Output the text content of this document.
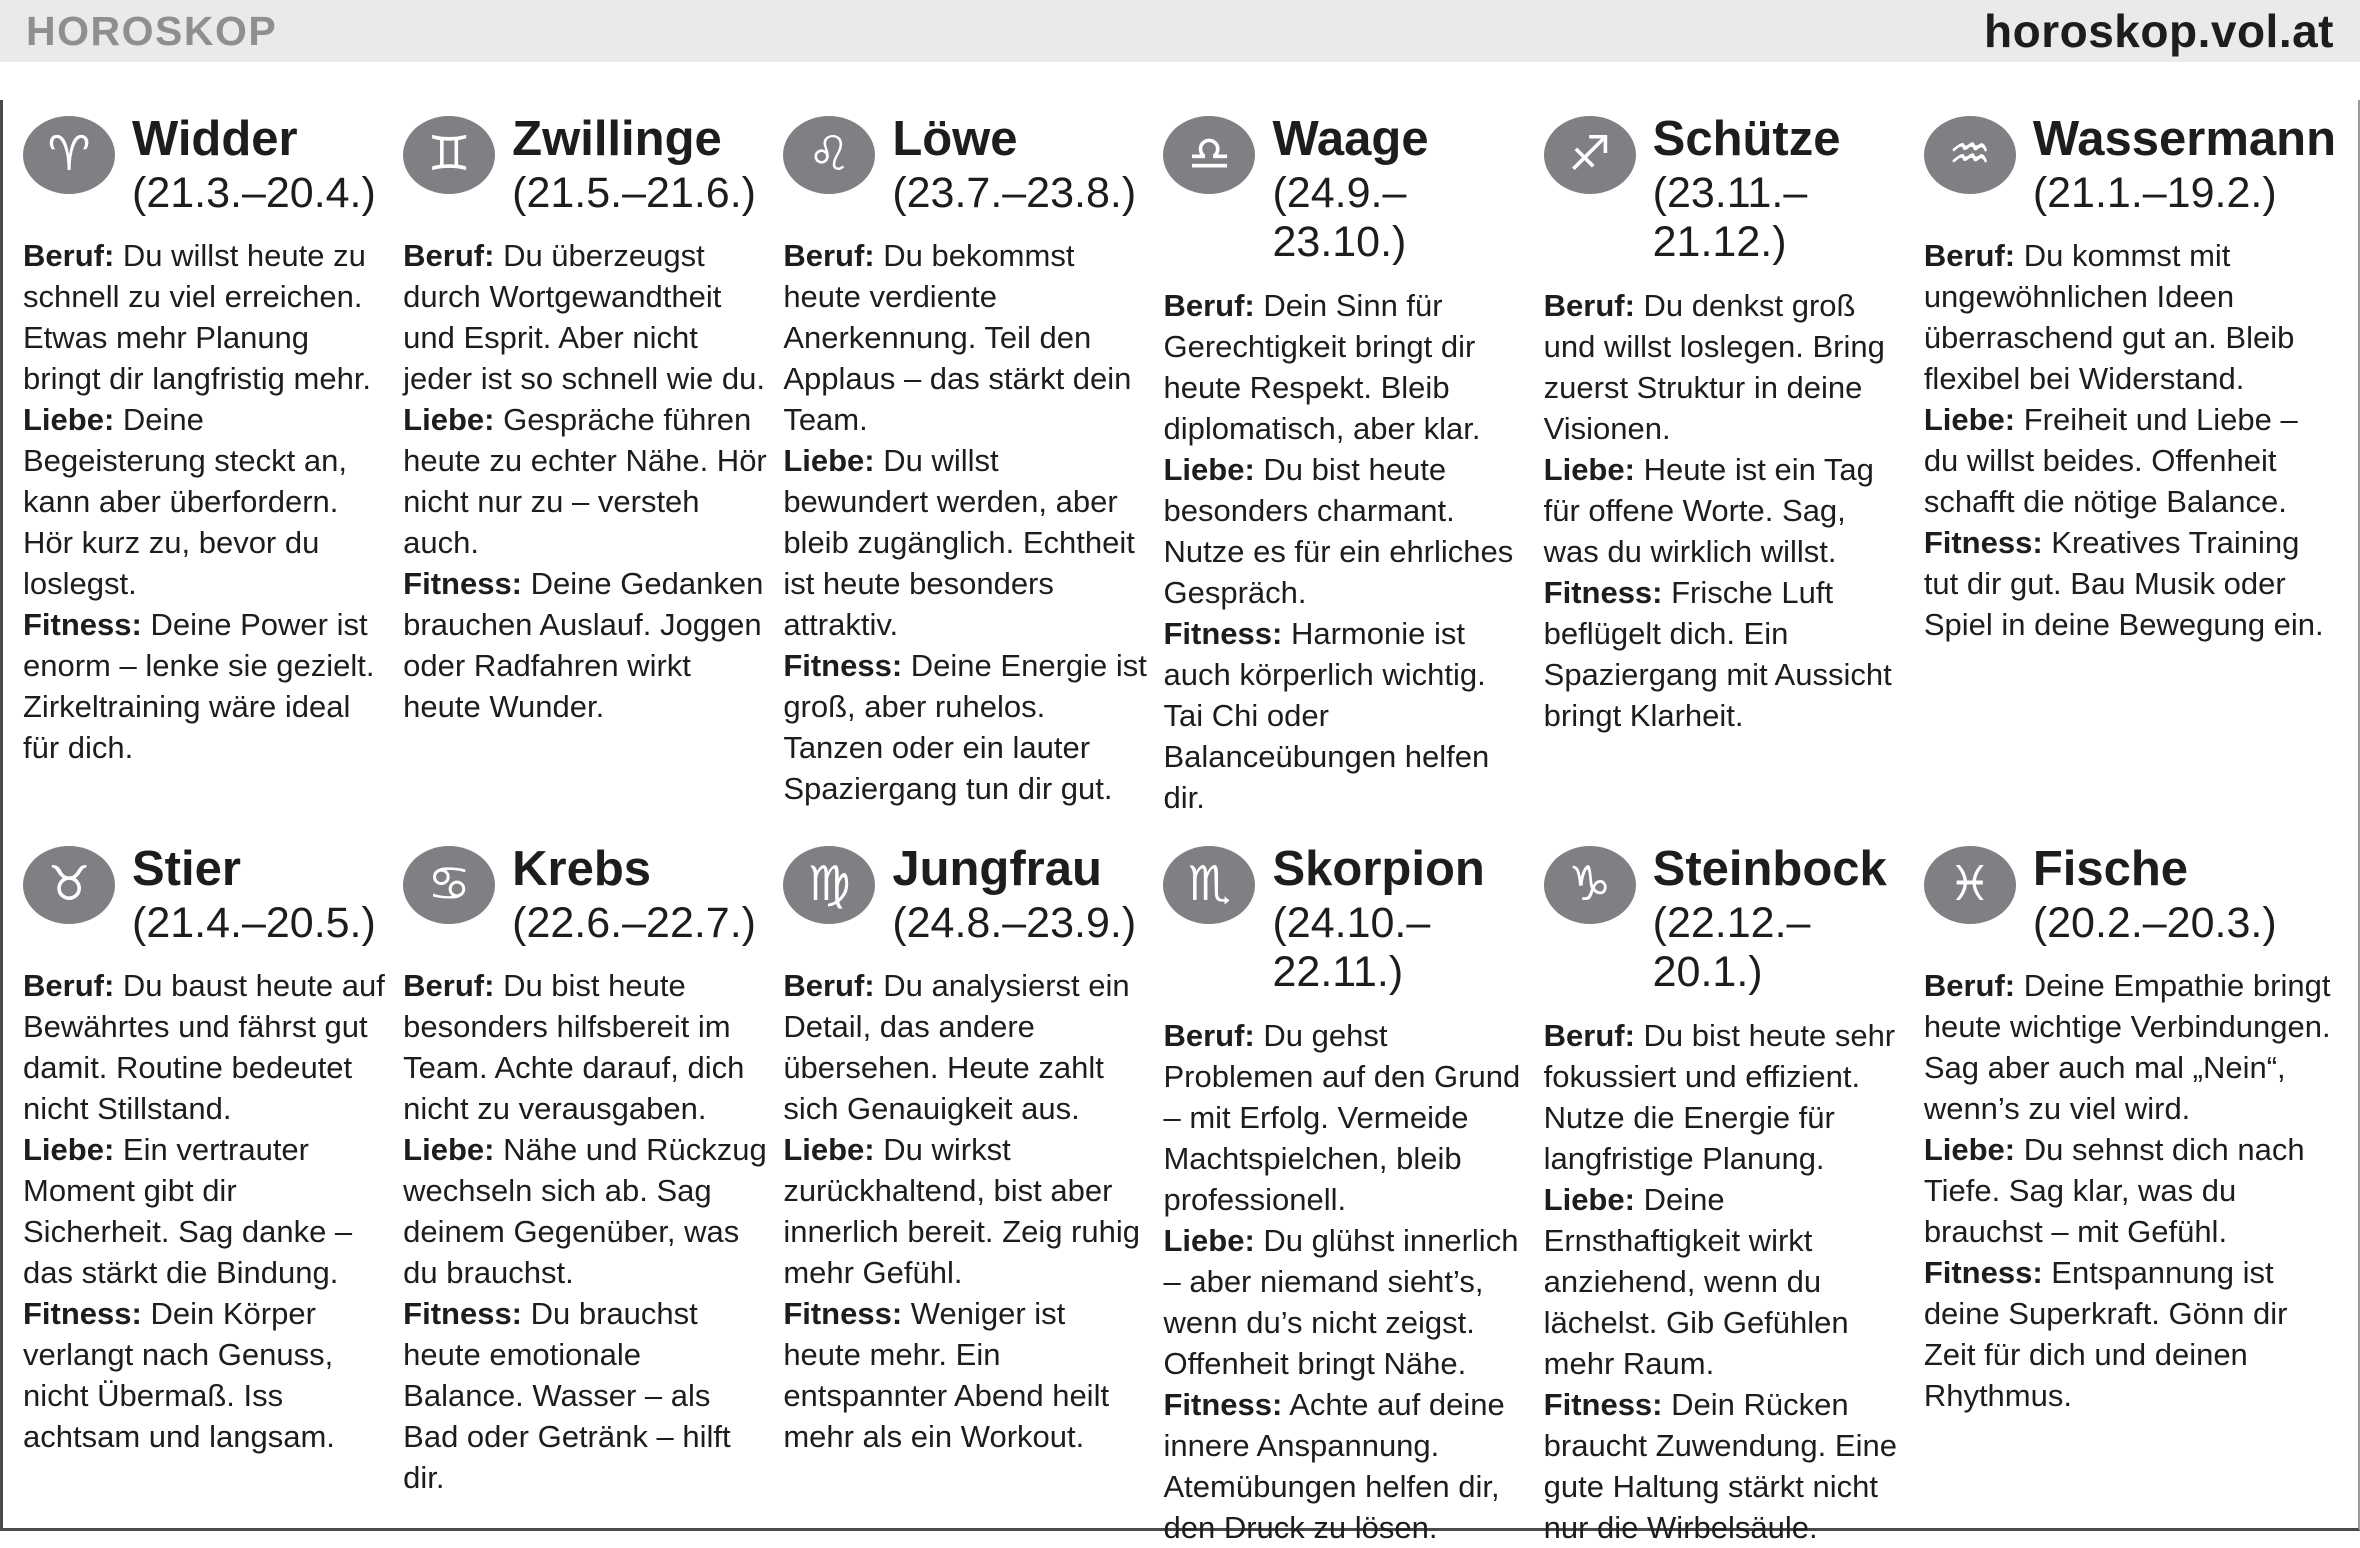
HOROSKOP	horoskop.vol.at
♈ Widder
(21.3.–20.4.)

Beruf: Du willst heute zu schnell zu viel erreichen. Etwas mehr Planung bringt dir langfristig mehr.

Liebe: Deine Begeisterung steckt an, kann aber überfordern. Hör kurz zu, bevor du loslegst.

Fitness: Deine Power ist enorm – lenke sie gezielt. Zirkeltraining wäre ideal für dich.

♊ Zwillinge
(21.5.–21.6.)

Beruf: Du überzeugst durch Wortgewandtheit und Esprit. Aber nicht jeder ist so schnell wie du.

Liebe: Gespräche führen heute zu echter Nähe. Hör nicht nur zu – versteh auch.

Fitness: Deine Gedanken brauchen Auslauf. Joggen oder Radfahren wirkt heute Wunder.

♌ Löwe
(23.7.–23.8.)

Beruf: Du bekommst heute verdiente Anerkennung. Teil den Applaus – das stärkt dein Team.

Liebe: Du willst bewundert werden, aber bleib zugänglich. Echtheit ist heute besonders attraktiv.

Fitness: Deine Energie ist groß, aber ruhelos. Tanzen oder ein lauter Spaziergang tun dir gut.

♎ Waage
(24.9.–23.10.)

Beruf: Dein Sinn für Gerechtigkeit bringt dir heute Respekt. Bleib diplomatisch, aber klar.

Liebe: Du bist heute besonders charmant. Nutze es für ein ehrliches Gespräch.

Fitness: Harmonie ist auch körperlich wichtig. Tai Chi oder Balanceübungen helfen dir.

♐ Schütze
(23.11.–21.12.)

Beruf: Du denkst groß und willst loslegen. Bring zuerst Struktur in deine Visionen.

Liebe: Heute ist ein Tag für offene Worte. Sag, was du wirklich willst.

Fitness: Frische Luft beflügelt dich. Ein Spaziergang mit Aussicht bringt Klarheit.

♒ Wassermann
(21.1.–19.2.)

Beruf: Du kommst mit ungewöhnlichen Ideen überraschend gut an. Bleib flexibel bei Widerstand.

Liebe: Freiheit und Liebe – du willst beides. Offenheit schafft die nötige Balance.

Fitness: Kreatives Training tut dir gut. Bau Musik oder Spiel in deine Bewegung ein.

♉ Stier
(21.4.–20.5.)

Beruf: Du baust heute auf Bewährtes und fährst gut damit. Routine bedeutet nicht Stillstand.

Liebe: Ein vertrauter Moment gibt dir Sicherheit. Sag danke – das stärkt die Bindung.

Fitness: Dein Körper verlangt nach Genuss, nicht Übermaß. Iss achtsam und langsam.

♋ Krebs
(22.6.–22.7.)

Beruf: Du bist heute besonders hilfsbereit im Team. Achte darauf, dich nicht zu verausgaben.

Liebe: Nähe und Rückzug wechseln sich ab. Sag deinem Gegenüber, was du brauchst.

Fitness: Du brauchst heute emotionale Balance. Wasser – als Bad oder Getränk – hilft dir.

♍ Jungfrau
(24.8.–23.9.)

Beruf: Du analysierst ein Detail, das andere übersehen. Heute zahlt sich Genauigkeit aus.

Liebe: Du wirkst zurückhaltend, bist aber innerlich bereit. Zeig ruhig mehr Gefühl.

Fitness: Weniger ist heute mehr. Ein entspannter Abend heilt mehr als ein Workout.

♏ Skorpion
(24.10.–22.11.)

Beruf: Du gehst Problemen auf den Grund – mit Erfolg. Vermeide Machtspielchen, bleib professionell.

Liebe: Du glühst innerlich – aber niemand sieht’s, wenn du’s nicht zeigst. Offenheit bringt Nähe.

Fitness: Achte auf deine innere Anspannung. Atemübungen helfen dir, den Druck zu lösen.

♑ Steinbock
(22.12.–20.1.)

Beruf: Du bist heute sehr fokussiert und effizient. Nutze die Energie für langfristige Planung.

Liebe: Deine Ernsthaftigkeit wirkt anziehend, wenn du lächelst. Gib Gefühlen mehr Raum.

Fitness: Dein Rücken braucht Zuwendung. Eine gute Haltung stärkt nicht nur die Wirbelsäule.

♓ Fische
(20.2.–20.3.)

Beruf: Deine Empathie bringt heute wichtige Verbindungen. Sag aber auch mal „Nein“, wenn’s zu viel wird.

Liebe: Du sehnst dich nach Tiefe. Sag klar, was du brauchst – mit Gefühl.

Fitness: Entspannung ist deine Superkraft. Gönn dir Zeit für dich und deinen Rhythmus.
